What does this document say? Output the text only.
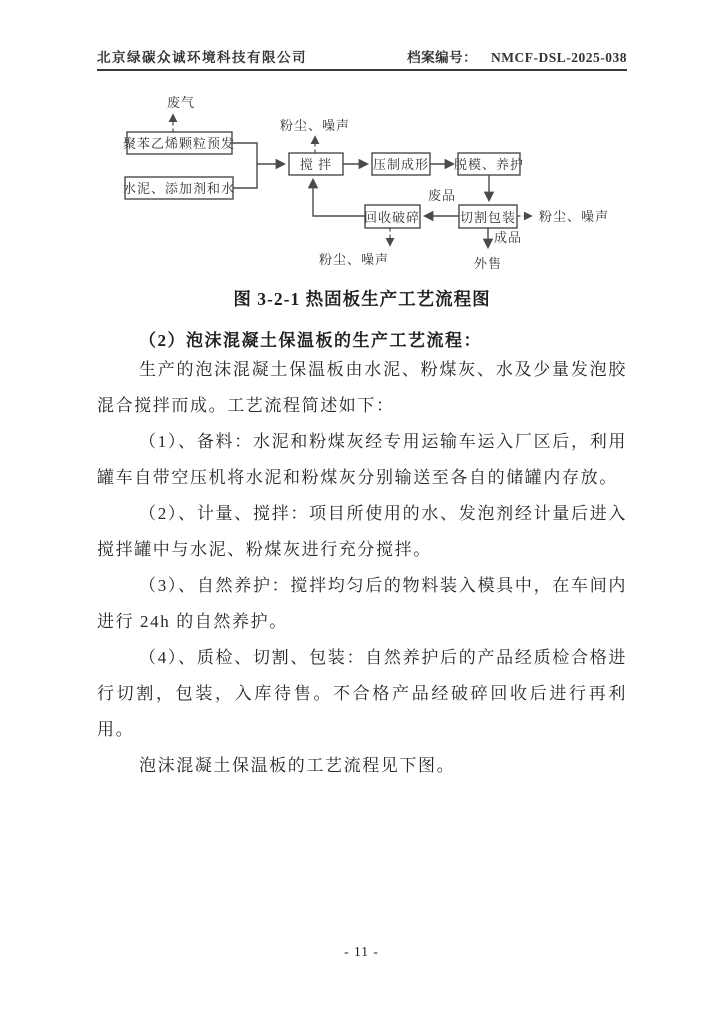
北京绿碳众诚环境科技有限公司	档案编号： NMCF-DSL-2025-038
废气
聚苯乙烯颗粒预发
水泥、添加剂和水
搅 拌
粉尘、噪声
压制成形 脱模、养护
切割包装
回收破碎
废品
粉尘、噪声
粉尘、噪声
成品
外售
图 3-2-1 热固板生产工艺流程图
（2）泡沫混凝土保温板的生产工艺流程：

生产的泡沫混凝土保温板由水泥、粉煤灰、水及少量发泡胶混合搅拌而成。工艺流程简述如下：

（1）、备料：水泥和粉煤灰经专用运输车运入厂区后，利用罐车自带空压机将水泥和粉煤灰分别输送至各自的储罐内存放。

（2）、计量、搅拌：项目所使用的水、发泡剂经计量后进入搅拌罐中与水泥、粉煤灰进行充分搅拌。

（3）、自然养护：搅拌均匀后的物料装入模具中，在车间内进行 24h 的自然养护。

（4）、质检、切割、包装：自然养护后的产品经质检合格进行切割，包装，入库待售。不合格产品经破碎回收后进行再利用。

泡沫混凝土保温板的工艺流程见下图。

- 11 -
